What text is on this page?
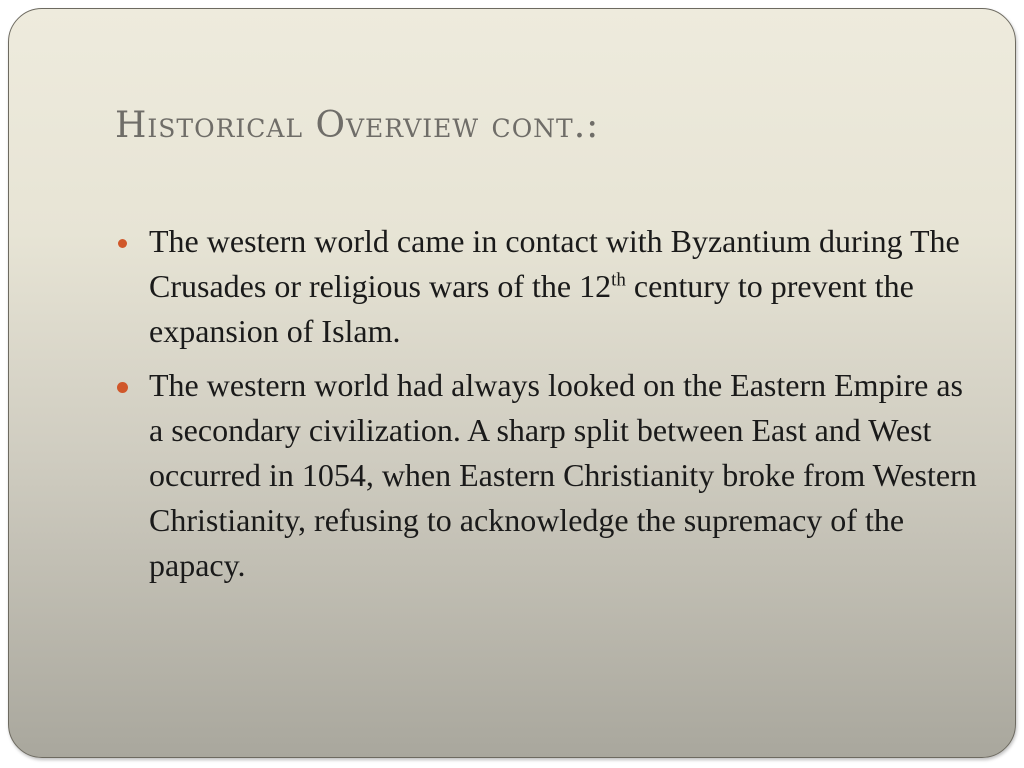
Historical Overview cont.:
The western world came in contact with Byzantium during The Crusades or religious wars of the 12th century to prevent the expansion of Islam.
The western world had always looked on the Eastern Empire as a secondary civilization. A sharp split between East and West occurred in 1054, when Eastern Christianity broke from Western Christianity, refusing to acknowledge the supremacy of the papacy.
